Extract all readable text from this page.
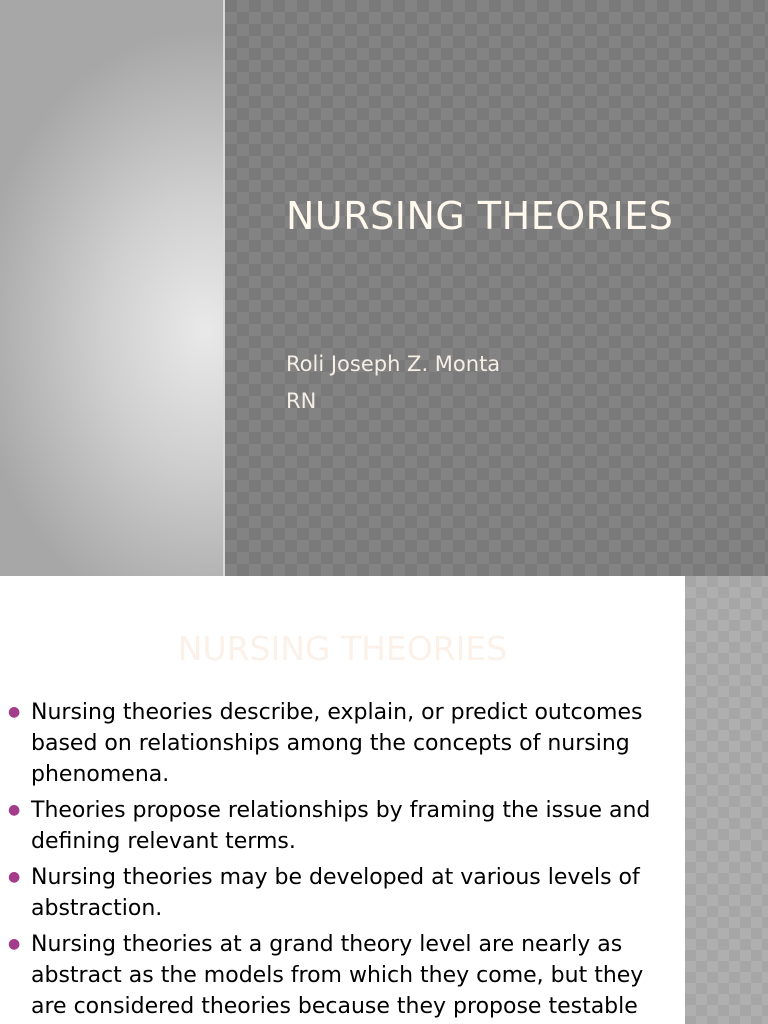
NURSING THEORIES
Roli Joseph Z. Monta
RN
NURSING THEORIES
● Nursing theories describe, explain, or predict outcomes based on relationships among the concepts of nursing phenomena.
● Theories propose relationships by framing the issue and defining relevant terms.
● Nursing theories may be developed at various levels of abstraction.
● Nursing theories at a grand theory level are nearly as abstract as the models from which they come, but they are considered theories because they propose testable
